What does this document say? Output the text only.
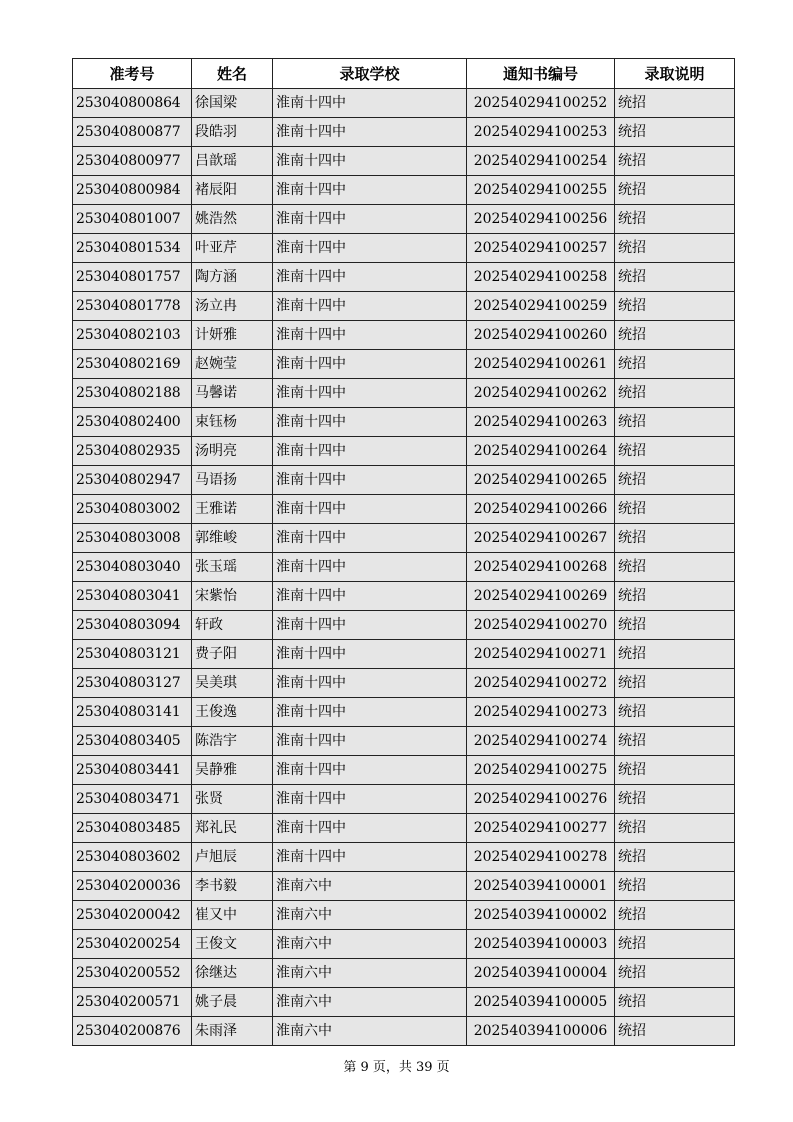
准考号	姓名	录取学校	通知书编号	录取说明
253040800864	徐国梁	淮南十四中	202540294100252	统招
253040800877	段皓羽	淮南十四中	202540294100253	统招
253040800977	吕歆瑶	淮南十四中	202540294100254	统招
253040800984	褚辰阳	淮南十四中	202540294100255	统招
253040801007	姚浩然	淮南十四中	202540294100256	统招
253040801534	叶亚芹	淮南十四中	202540294100257	统招
253040801757	陶方涵	淮南十四中	202540294100258	统招
253040801778	汤立冉	淮南十四中	202540294100259	统招
253040802103	计妍雅	淮南十四中	202540294100260	统招
253040802169	赵婉莹	淮南十四中	202540294100261	统招
253040802188	马馨诺	淮南十四中	202540294100262	统招
253040802400	束钰杨	淮南十四中	202540294100263	统招
253040802935	汤明亮	淮南十四中	202540294100264	统招
253040802947	马语扬	淮南十四中	202540294100265	统招
253040803002	王雅诺	淮南十四中	202540294100266	统招
253040803008	郭维峻	淮南十四中	202540294100267	统招
253040803040	张玉瑶	淮南十四中	202540294100268	统招
253040803041	宋紫怡	淮南十四中	202540294100269	统招
253040803094	轩政	淮南十四中	202540294100270	统招
253040803121	费子阳	淮南十四中	202540294100271	统招
253040803127	吴美琪	淮南十四中	202540294100272	统招
253040803141	王俊逸	淮南十四中	202540294100273	统招
253040803405	陈浩宇	淮南十四中	202540294100274	统招
253040803441	吴静雅	淮南十四中	202540294100275	统招
253040803471	张贤	淮南十四中	202540294100276	统招
253040803485	郑礼民	淮南十四中	202540294100277	统招
253040803602	卢旭辰	淮南十四中	202540294100278	统招
253040200036	李书毅	淮南六中	202540394100001	统招
253040200042	崔又中	淮南六中	202540394100002	统招
253040200254	王俊文	淮南六中	202540394100003	统招
253040200552	徐继达	淮南六中	202540394100004	统招
253040200571	姚子晨	淮南六中	202540394100005	统招
253040200876	朱雨泽	淮南六中	202540394100006	统招
第 9 页，共 39 页
